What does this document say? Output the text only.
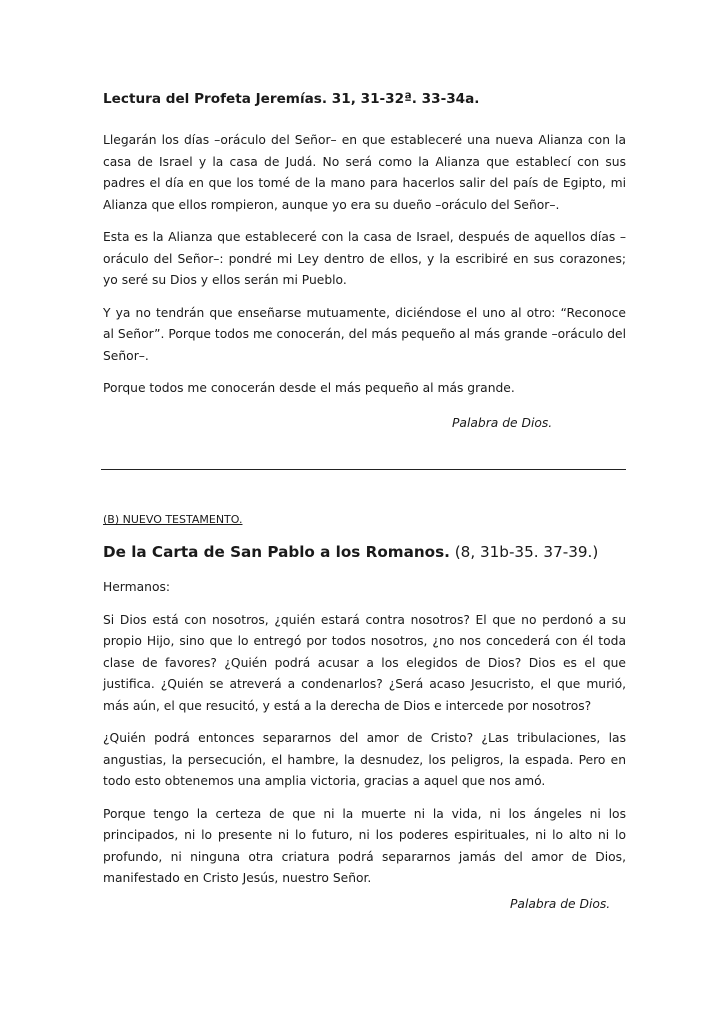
Lectura del Profeta Jeremías. 31, 31-32ª. 33-34a.

Llegarán los días –oráculo del Señor– en que estableceré una nueva Alianza con la casa de Israel y la casa de Judá. No será como la Alianza que establecí con sus padres el día en que los tomé de la mano para hacerlos salir del país de Egipto, mi Alianza que ellos rompieron, aunque yo era su dueño –oráculo del Señor–.

Esta es la Alianza que estableceré con la casa de Israel, después de aquellos días –oráculo del Señor–: pondré mi Ley dentro de ellos, y la escribiré en sus corazones; yo seré su Dios y ellos serán mi Pueblo.

Y ya no tendrán que enseñarse mutuamente, diciéndose el uno al otro: “Reconoce al Señor”. Porque todos me conocerán, del más pequeño al más grande –oráculo del Señor–.

Porque todos me conocerán desde el más pequeño al más grande.

Palabra de Dios.

(B) NUEVO TESTAMENTO.

De la Carta de San Pablo a los Romanos. (8, 31b-35. 37-39.)

Hermanos:

Si Dios está con nosotros, ¿quién estará contra nosotros? El que no perdonó a su propio Hijo, sino que lo entregó por todos nosotros, ¿no nos concederá con él toda clase de favores? ¿Quién podrá acusar a los elegidos de Dios? Dios es el que justifica. ¿Quién se atreverá a condenarlos? ¿Será acaso Jesucristo, el que murió, más aún, el que resucitó, y está a la derecha de Dios e intercede por nosotros?

¿Quién podrá entonces separarnos del amor de Cristo? ¿Las tribulaciones, las angustias, la persecución, el hambre, la desnudez, los peligros, la espada. Pero en todo esto obtenemos una amplia victoria, gracias a aquel que nos amó.

Porque tengo la certeza de que ni la muerte ni la vida, ni los ángeles ni los principados, ni lo presente ni lo futuro, ni los poderes espirituales, ni lo alto ni lo profundo, ni ninguna otra criatura podrá separarnos jamás del amor de Dios, manifestado en Cristo Jesús, nuestro Señor.

Palabra de Dios.
